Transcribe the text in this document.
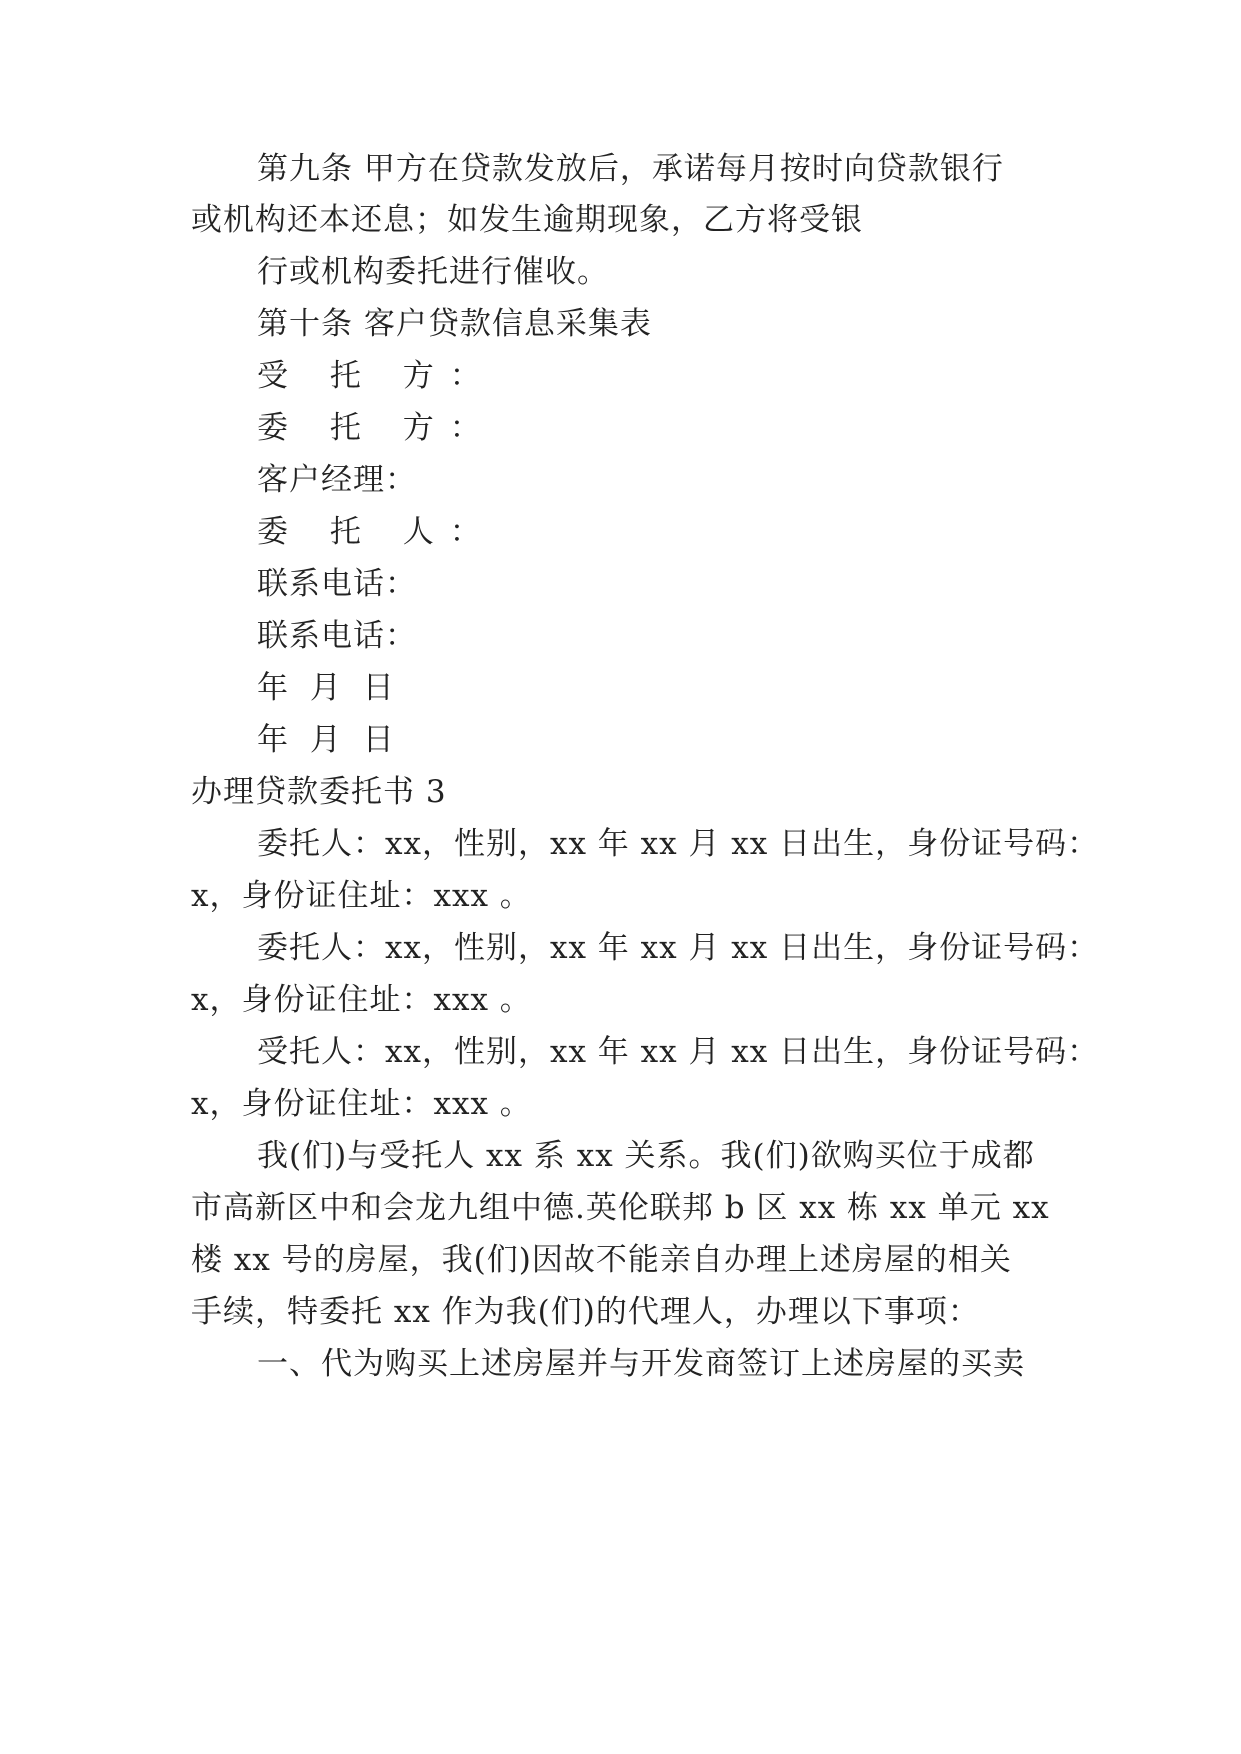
第九条 甲方在贷款发放后，承诺每月按时向贷款银行
或机构还本还息；如发生逾期现象，乙方将受银
行或机构委托进行催收。
第十条 客户贷款信息采集表
受 托 方：
委 托 方：
客户经理：
委 托 人：
联系电话：
联系电话：
年 月 日
年 月 日
办理贷款委托书 3
委托人：xx，性别，xx 年 xx 月 xx 日出生，身份证号码：
x，身份证住址：xxx 。
委托人：xx，性别，xx 年 xx 月 xx 日出生，身份证号码：
x，身份证住址：xxx 。
受托人：xx，性别，xx 年 xx 月 xx 日出生，身份证号码：
x，身份证住址：xxx 。
我(们)与受托人 xx 系 xx 关系。我(们)欲购买位于成都
市高新区中和会龙九组中德.英伦联邦 b 区 xx 栋 xx 单元 xx
楼 xx 号的房屋，我(们)因故不能亲自办理上述房屋的相关
手续，特委托 xx 作为我(们)的代理人，办理以下事项：
一、代为购买上述房屋并与开发商签订上述房屋的买卖
